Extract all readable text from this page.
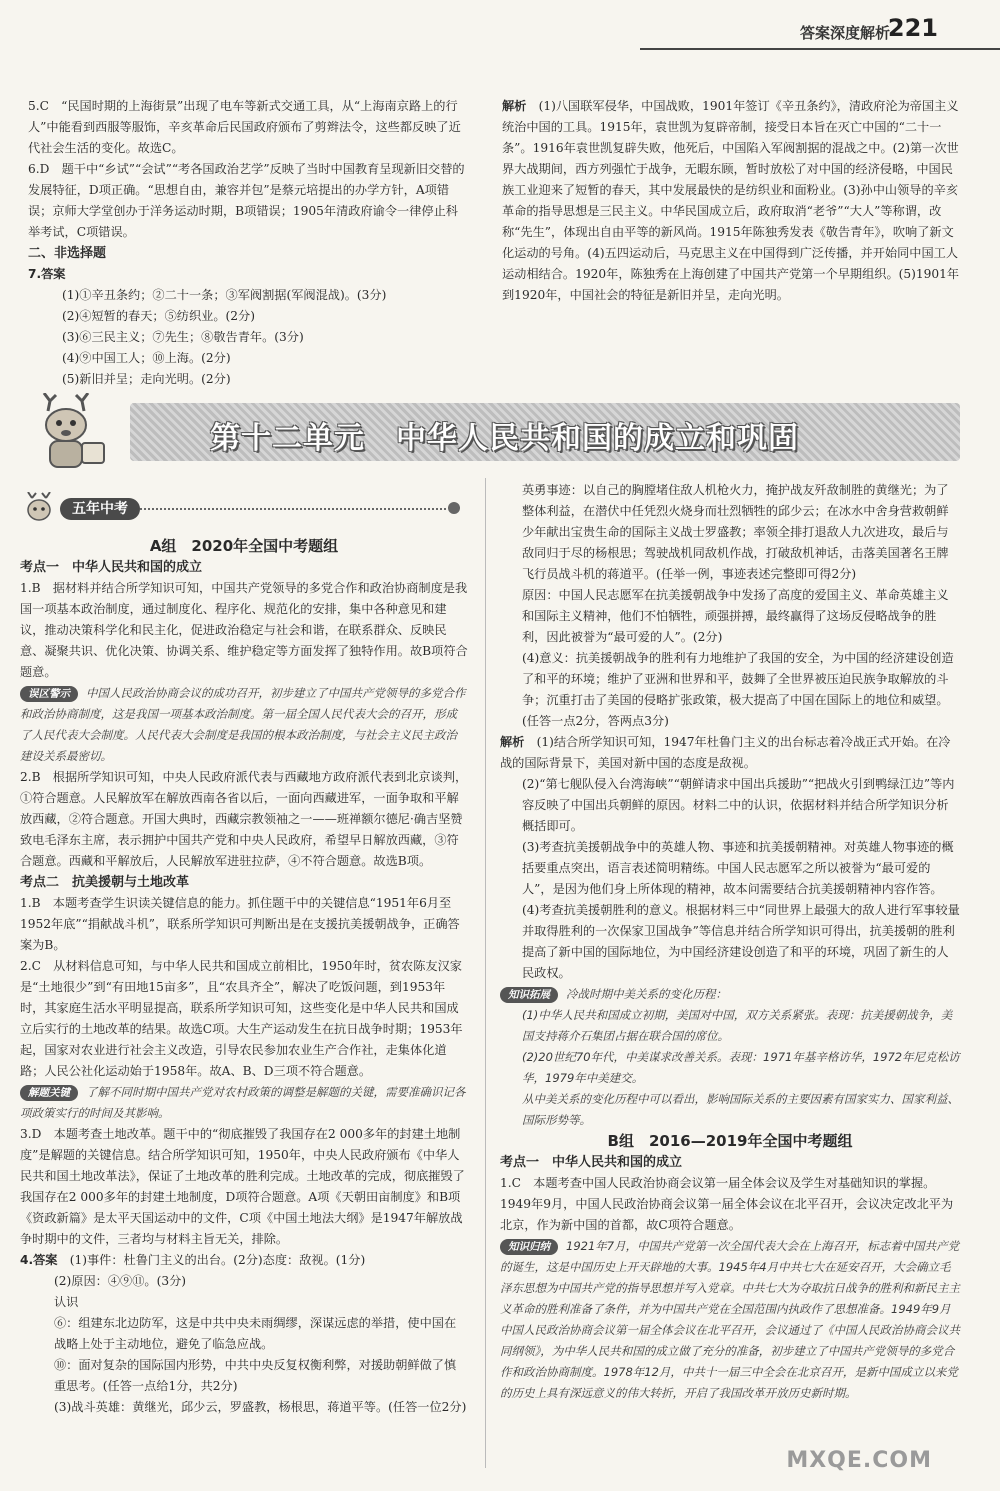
答案深度解析
221

5.C　“民国时期的上海街景”出现了电车等新式交通工具，从“上海南京路上的行人”中能看到西服等服饰，辛亥革命后民国政府颁布了剪辫法令，这些都反映了近代社会生活的变化。故选C。

6.D　题干中“乡试”“会试”“考各国政治艺学”反映了当时中国教育呈现新旧交替的发展特征，D项正确。“思想自由，兼容并包”是蔡元培提出的办学方针，A项错误；京师大学堂创办于洋务运动时期，B项错误；1905年清政府谕令一律停止科举考试，C项错误。

二、非选择题

7.答案

(1)①辛丑条约；②二十一条；③军阀割据(军阀混战)。(3分)

(2)④短暂的春天；⑤纺织业。(2分)

(3)⑥三民主义；⑦先生；⑧敬告青年。(3分)

(4)⑨中国工人；⑩上海。(2分)

(5)新旧并呈；走向光明。(2分)

解析　 (1)八国联军侵华，中国战败，1901年签订《辛丑条约》，清政府沦为帝国主义统治中国的工具。1915年，袁世凯为复辟帝制，接受日本旨在灭亡中国的“二十一条”。1916年袁世凯复辟失败，他死后，中国陷入军阀割据的混战之中。(2)第一次世界大战期间，西方列强忙于战争，无暇东顾，暂时放松了对中国的经济侵略，中国民族工业迎来了短暂的春天，其中发展最快的是纺织业和面粉业。(3)孙中山领导的辛亥革命的指导思想是三民主义。中华民国成立后，政府取消“老爷”“大人”等称谓，改称“先生”，体现出自由平等的新风尚。1915年陈独秀发表《敬告青年》，吹响了新文化运动的号角。(4)五四运动后，马克思主义在中国得到广泛传播，并开始同中国工人运动相结合。1920年，陈独秀在上海创建了中国共产党第一个早期组织。(5)1901年到1920年，中国社会的特征是新旧并呈，走向光明。

第十二单元　中华人民共和国的成立和巩固
五年中考

A组　2020年全国中考题组

考点一　中华人民共和国的成立

1.B　据材料并结合所学知识可知，中国共产党领导的多党合作和政治协商制度是我国一项基本政治制度，通过制度化、程序化、规范化的安排，集中各种意见和建议，推动决策科学化和民主化，促进政治稳定与社会和谐，在联系群众、反映民意、凝聚共识、优化决策、协调关系、维护稳定等方面发挥了独特作用。故B项符合题意。

误区警示 中国人民政治协商会议的成功召开，初步建立了中国共产党领导的多党合作和政治协商制度，这是我国一项基本政治制度。第一届全国人民代表大会的召开，形成了人民代表大会制度。人民代表大会制度是我国的根本政治制度，与社会主义民主政治建设关系最密切。

2.B　根据所学知识可知，中央人民政府派代表与西藏地方政府派代表到北京谈判，①符合题意。人民解放军在解放西南各省以后，一面向西藏进军，一面争取和平解放西藏，②符合题意。开国大典时，西藏宗教领袖之一——班禅额尔德尼·确吉坚赞致电毛泽东主席，表示拥护中国共产党和中央人民政府，希望早日解放西藏，③符合题意。西藏和平解放后，人民解放军进驻拉萨，④不符合题意。故选B项。

考点二　抗美援朝与土地改革

1.B　本题考查学生识读关键信息的能力。抓住题干中的关键信息“1951年6月至1952年底”“捐献战斗机”，联系所学知识可判断出是在支援抗美援朝战争，正确答案为B。

2.C　从材料信息可知，与中华人民共和国成立前相比，1950年时，贫农陈友汉家是“土地很少”到“有田地15亩多”，且“农具齐全”，解决了吃饭问题，到1953年时，其家庭生活水平明显提高，联系所学知识可知，这些变化是中华人民共和国成立后实行的土地改革的结果。故选C项。大生产运动发生在抗日战争时期；1953年起，国家对农业进行社会主义改造，引导农民参加农业生产合作社，走集体化道路；人民公社化运动始于1958年。故A、B、D三项不符合题意。

解题关键 了解不同时期中国共产党对农村政策的调整是解题的关键，需要准确识记各项政策实行的时间及其影响。

3.D　本题考查土地改革。题干中的“彻底摧毁了我国存在2 000多年的封建土地制度”是解题的关键信息。结合所学知识可知，1950年，中央人民政府颁布《中华人民共和国土地改革法》，保证了土地改革的胜利完成。土地改革的完成，彻底摧毁了我国存在2 000多年的封建土地制度，D项符合题意。A项《天朝田亩制度》和B项《资政新篇》是太平天国运动中的文件，C项《中国土地法大纲》是1947年解放战争时期中的文件，三者均与材料主旨无关，排除。

4.答案　 (1)事件：杜鲁门主义的出台。(2分)态度：敌视。(1分)

(2)原因：④⑨⑪。(3分)

认识

⑥：组建东北边防军，这是中共中央未雨绸缪，深谋远虑的举措，使中国在战略上处于主动地位，避免了临急应战。

⑩：面对复杂的国际国内形势，中共中央反复权衡利弊，对援助朝鲜做了慎重思考。(任答一点给1分，共2分)

(3)战斗英雄：黄继光，邱少云，罗盛教，杨根思，蒋道平等。(任答一位2分)

英勇事迹：以自己的胸膛堵住敌人机枪火力，掩护战友歼敌制胜的黄继光；为了整体利益，在潜伏中任凭烈火烧身而壮烈牺牲的邱少云；在冰水中舍身营救朝鲜少年献出宝贵生命的国际主义战士罗盛教；率领全排打退敌人九次进攻，最后与敌同归于尽的杨根思；驾驶战机同敌机作战，打破敌机神话，击落美国著名王牌飞行员战斗机的蒋道平。(任举一例，事迹表述完整即可得2分)

原因：中国人民志愿军在抗美援朝战争中发扬了高度的爱国主义、革命英雄主义和国际主义精神，他们不怕牺牲，顽强拼搏，最终赢得了这场反侵略战争的胜利，因此被誉为“最可爱的人”。(2分)

(4)意义：抗美援朝战争的胜利有力地维护了我国的安全，为中国的经济建设创造了和平的环境；维护了亚洲和世界和平，鼓舞了全世界被压迫民族争取解放的斗争；沉重打击了美国的侵略扩张政策，极大提高了中国在国际上的地位和威望。(任答一点2分，答两点3分)

解析　 (1)结合所学知识可知，1947年杜鲁门主义的出台标志着冷战正式开始。在冷战的国际背景下，美国对新中国的态度是敌视。

(2)“第七舰队侵入台湾海峡”“朝鲜请求中国出兵援助”“把战火引到鸭绿江边”等内容反映了中国出兵朝鲜的原因。材料二中的认识，依据材料并结合所学知识分析概括即可。

(3)考查抗美援朝战争中的英雄人物、事迹和抗美援朝精神。对英雄人物事迹的概括要重点突出，语言表述简明精练。中国人民志愿军之所以被誉为“最可爱的人”，是因为他们身上所体现的精神，故本问需要结合抗美援朝精神内容作答。

(4)考查抗美援朝胜利的意义。根据材料三中“同世界上最强大的敌人进行军事较量并取得胜利的一次保家卫国战争”等信息并结合所学知识可得出，抗美援朝的胜利提高了新中国的国际地位，为中国经济建设创造了和平的环境，巩固了新生的人民政权。

知识拓展 冷战时期中美关系的变化历程：

(1)中华人民共和国成立初期，美国对中国，双方关系紧张。表现：抗美援朝战争，美国支持蒋介石集团占据在联合国的席位。

(2)20世纪70年代，中美谋求改善关系。表现：1971年基辛格访华，1972年尼克松访华，1979年中美建交。

从中美关系的变化历程中可以看出，影响国际关系的主要因素有国家实力、国家利益、国际形势等。

B组　2016—2019年全国中考题组

考点一　中华人民共和国的成立

1.C　本题考查中国人民政治协商会议第一届全体会议及学生对基础知识的掌握。1949年9月，中国人民政治协商会议第一届全体会议在北平召开，会议决定改北平为北京，作为新中国的首都，故C项符合题意。

知识归纳 1921年7月，中国共产党第一次全国代表大会在上海召开，标志着中国共产党的诞生，这是中国历史上开天辟地的大事。1945年4月中共七大在延安召开，大会确立毛泽东思想为中国共产党的指导思想并写入党章。中共七大为夺取抗日战争的胜利和新民主主义革命的胜利准备了条件，并为中国共产党在全国范围内执政作了思想准备。1949年9月中国人民政治协商会议第一届全体会议在北平召开，会议通过了《中国人民政治协商会议共同纲领》，为中华人民共和国的成立做了充分的准备，初步建立了中国共产党领导的多党合作和政治协商制度。1978年12月，中共十一届三中全会在北京召开，是新中国成立以来党的历史上具有深远意义的伟大转折，开启了我国改革开放历史新时期。

MXQE.COM
